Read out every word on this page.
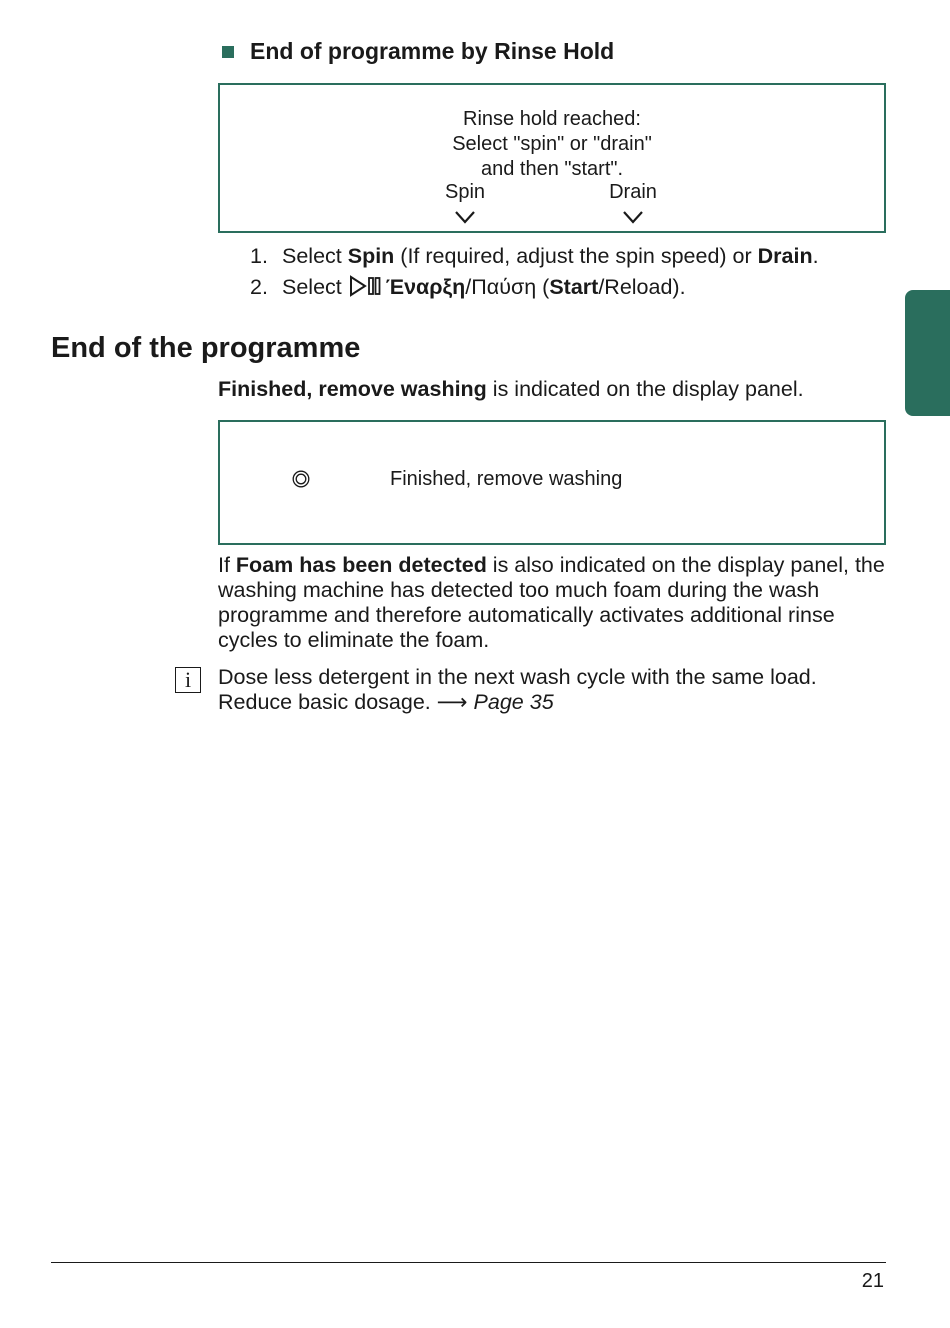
End of programme by Rinse Hold
Rinse hold reached:
Select "spin" or "drain"
and then "start".
Spin	Drain
1. Select Spin (If required, adjust the spin speed) or Drain.
2. Select Έναρξη/Παύση (Start/Reload).
End of the programme
Finished, remove washing is indicated on the display panel.
Finished, remove washing
If Foam has been detected is also indicated on the display panel, the washing machine has detected too much foam during the wash programme and therefore automatically activates additional rinse cycles to eliminate the foam.
i	Dose less detergent in the next wash cycle with the same load.
Reduce basic dosage. ⟶ Page 35
21
